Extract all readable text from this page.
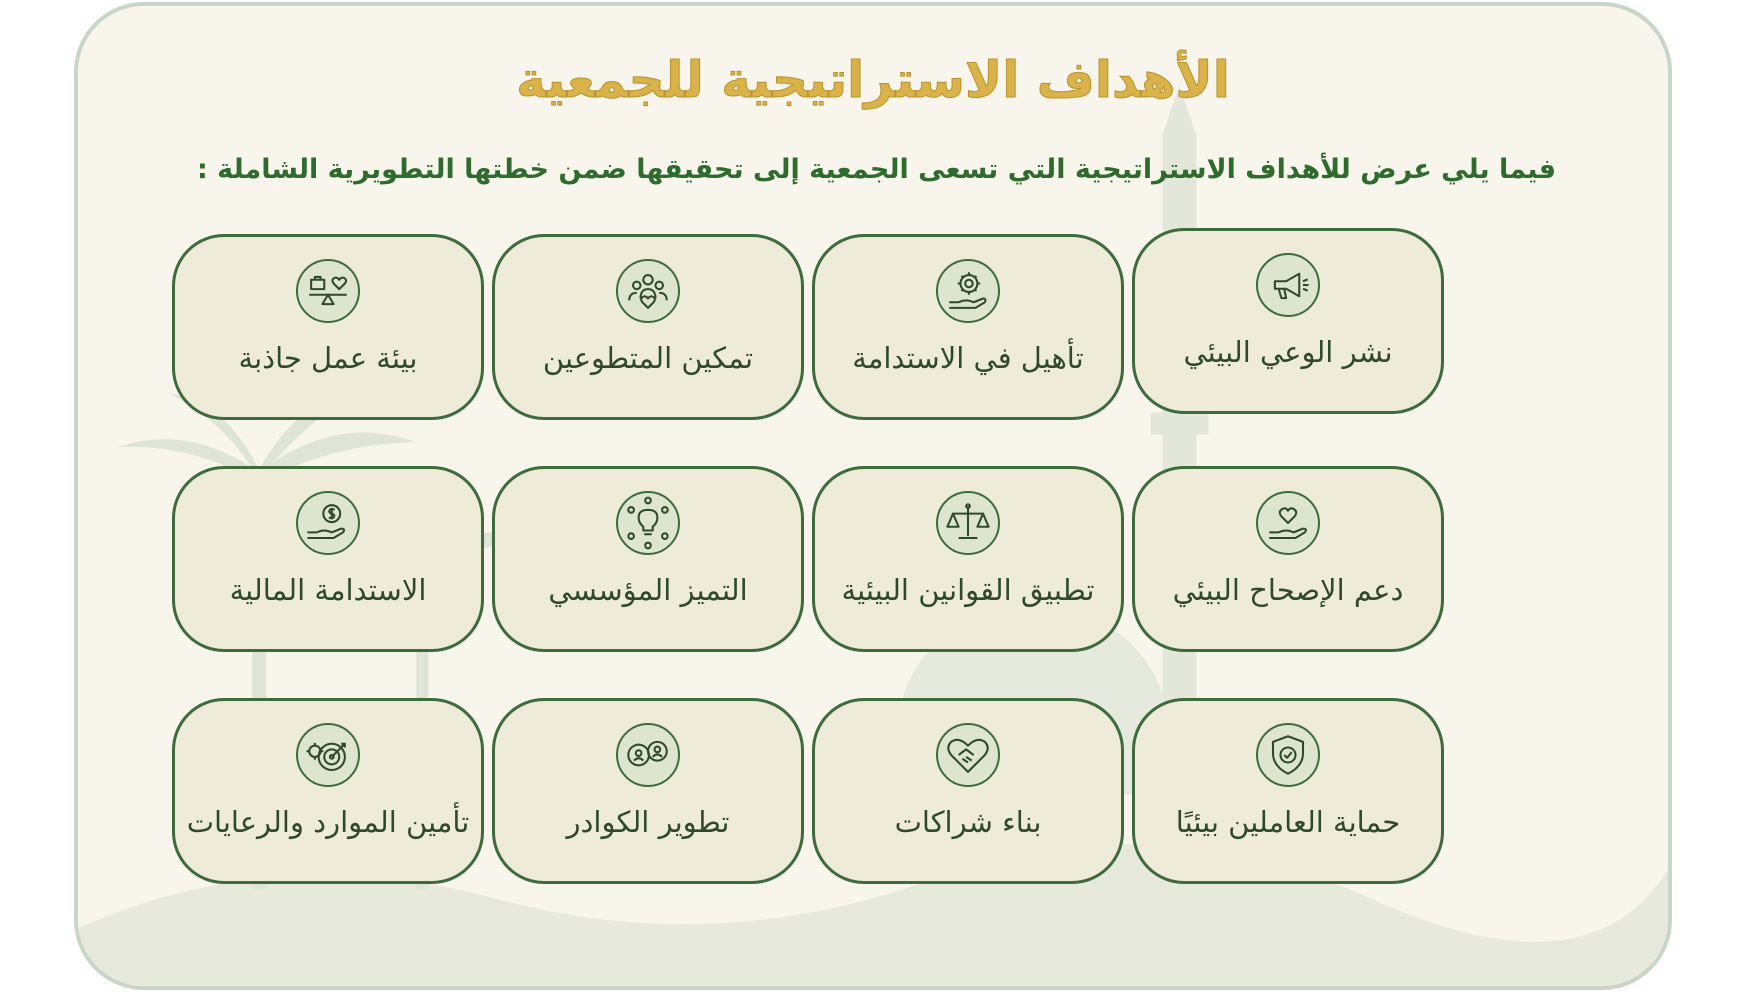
الأهداف الاستراتيجية للجمعية
فيما يلي عرض للأهداف الاستراتيجية التي تسعى الجمعية إلى تحقيقها ضمن خطتها التطويرية الشاملة :
نشر الوعي البيئي
تأهيل في الاستدامة
تمكين المتطوعين
بيئة عمل جاذبة
دعم الإصحاح البيئي
تطبيق القوانين البيئية
التميز المؤسسي
الاستدامة المالية
حماية العاملين بيئيًا
بناء شراكات
تطوير الكوادر
تأمين الموارد والرعايات
